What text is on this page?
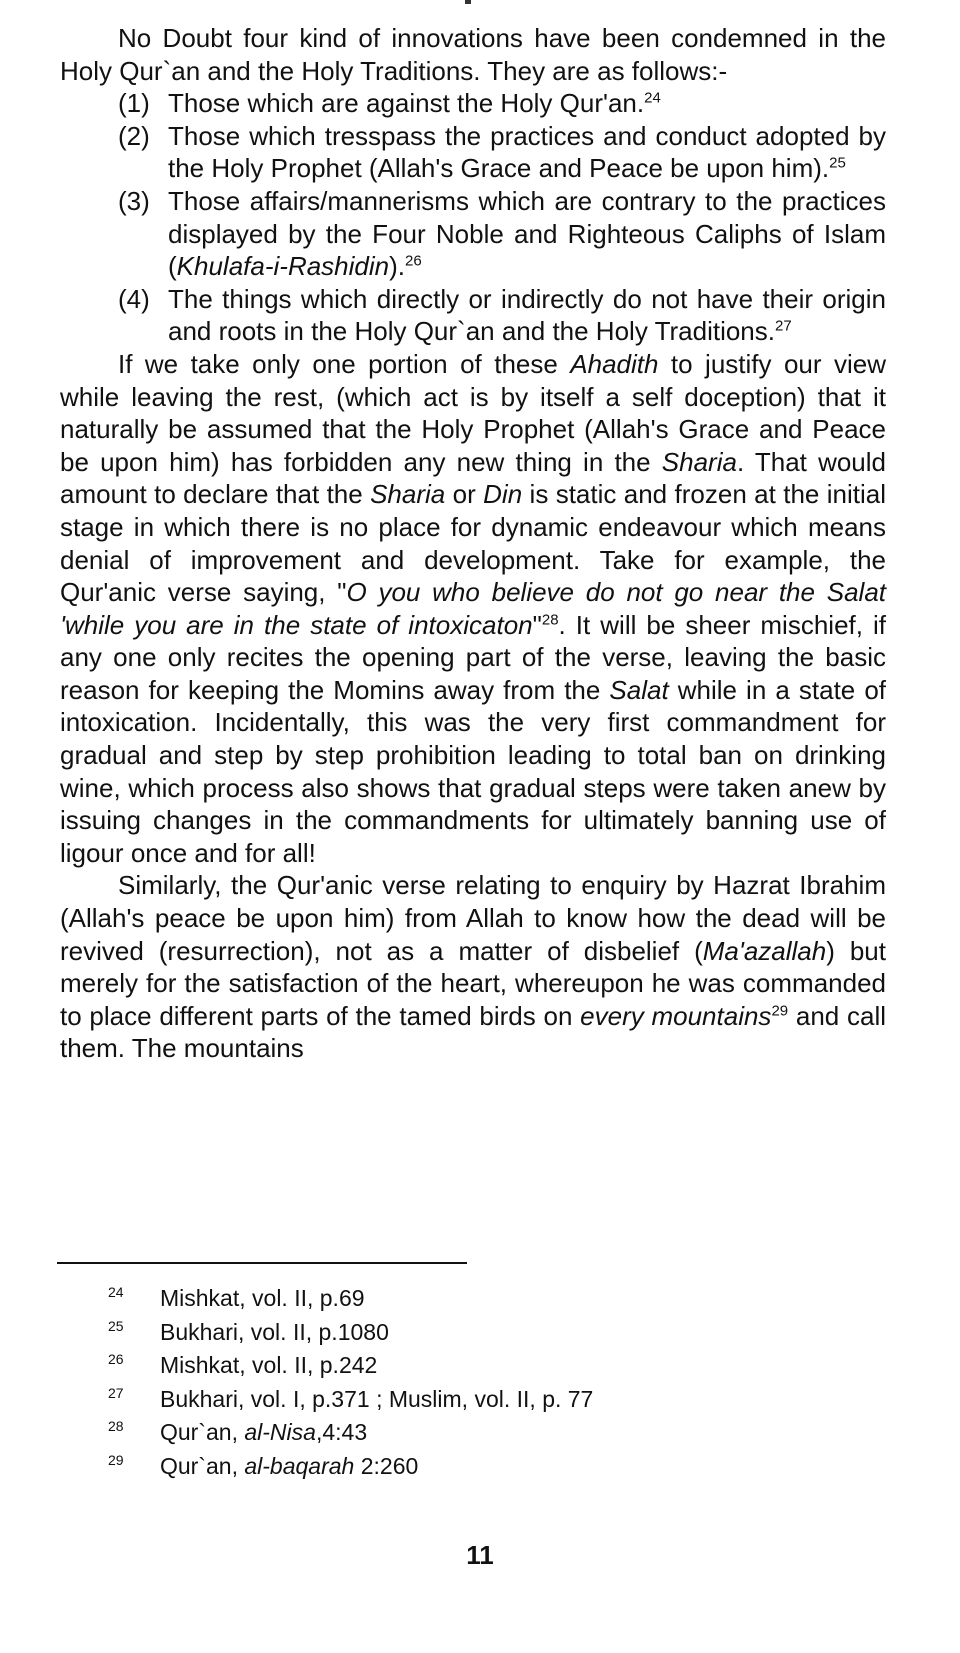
No Doubt four kind of innovations have been condemned in the Holy Qur`an and the Holy Traditions. They are as follows:-

(1) Those which are against the Holy Qur'an.$^{24}$
(2) Those which tresspass the practices and conduct adopted by the Holy Prophet (Allah's Grace and Peace be upon him).$^{25}$
(3) Those affairs/mannerisms which are contrary to the practices displayed by the Four Noble and Righteous Caliphs of Islam (Khulafa-i-Rashidin).$^{26}$
(4) The things which directly or indirectly do not have their origin and roots in the Holy Qur`an and the Holy Traditions.$^{27}$

If we take only one portion of these Ahadith to justify our view while leaving the rest, (which act is by itself a self doception) that it naturally be assumed that the Holy Prophet (Allah's Grace and Peace be upon him) has forbidden any new thing in the Sharia. That would amount to declare that the Sharia or Din is static and frozen at the initial stage in which there is no place for dynamic endeavour which means denial of improvement and development. Take for example, the Qur'anic verse saying, "O you who believe do not go near the Salat 'while you are in the state of intoxicaton"$^{28}$. It will be sheer mischief, if any one only recites the opening part of the verse, leaving the basic reason for keeping the Momins away from the Salat while in a state of intoxication. Incidentally, this was the very first commandment for gradual and step by step prohibition leading to total ban on drinking wine, which process also shows that gradual steps were taken anew by issuing changes in the commandments for ultimately banning use of ligour once and for all!

Similarly, the Qur'anic verse relating to enquiry by Hazrat Ibrahim (Allah's peace be upon him) from Allah to know how the dead will be revived (resurrection), not as a matter of disbelief (Ma'azallah) but merely for the satisfaction of the heart, whereupon he was commanded to place different parts of the tamed birds on every mountains$^{29}$ and call them. The mountains

24 Mishkat, vol. II, p.69
25 Bukhari, vol. II, p.1080
26 Mishkat, vol. II, p.242
27 Bukhari, vol. I, p.371 ; Muslim, vol. II, p. 77
28 Qur`an, al-Nisa,4:43
29 Qur`an, al-baqarah 2:260
11
